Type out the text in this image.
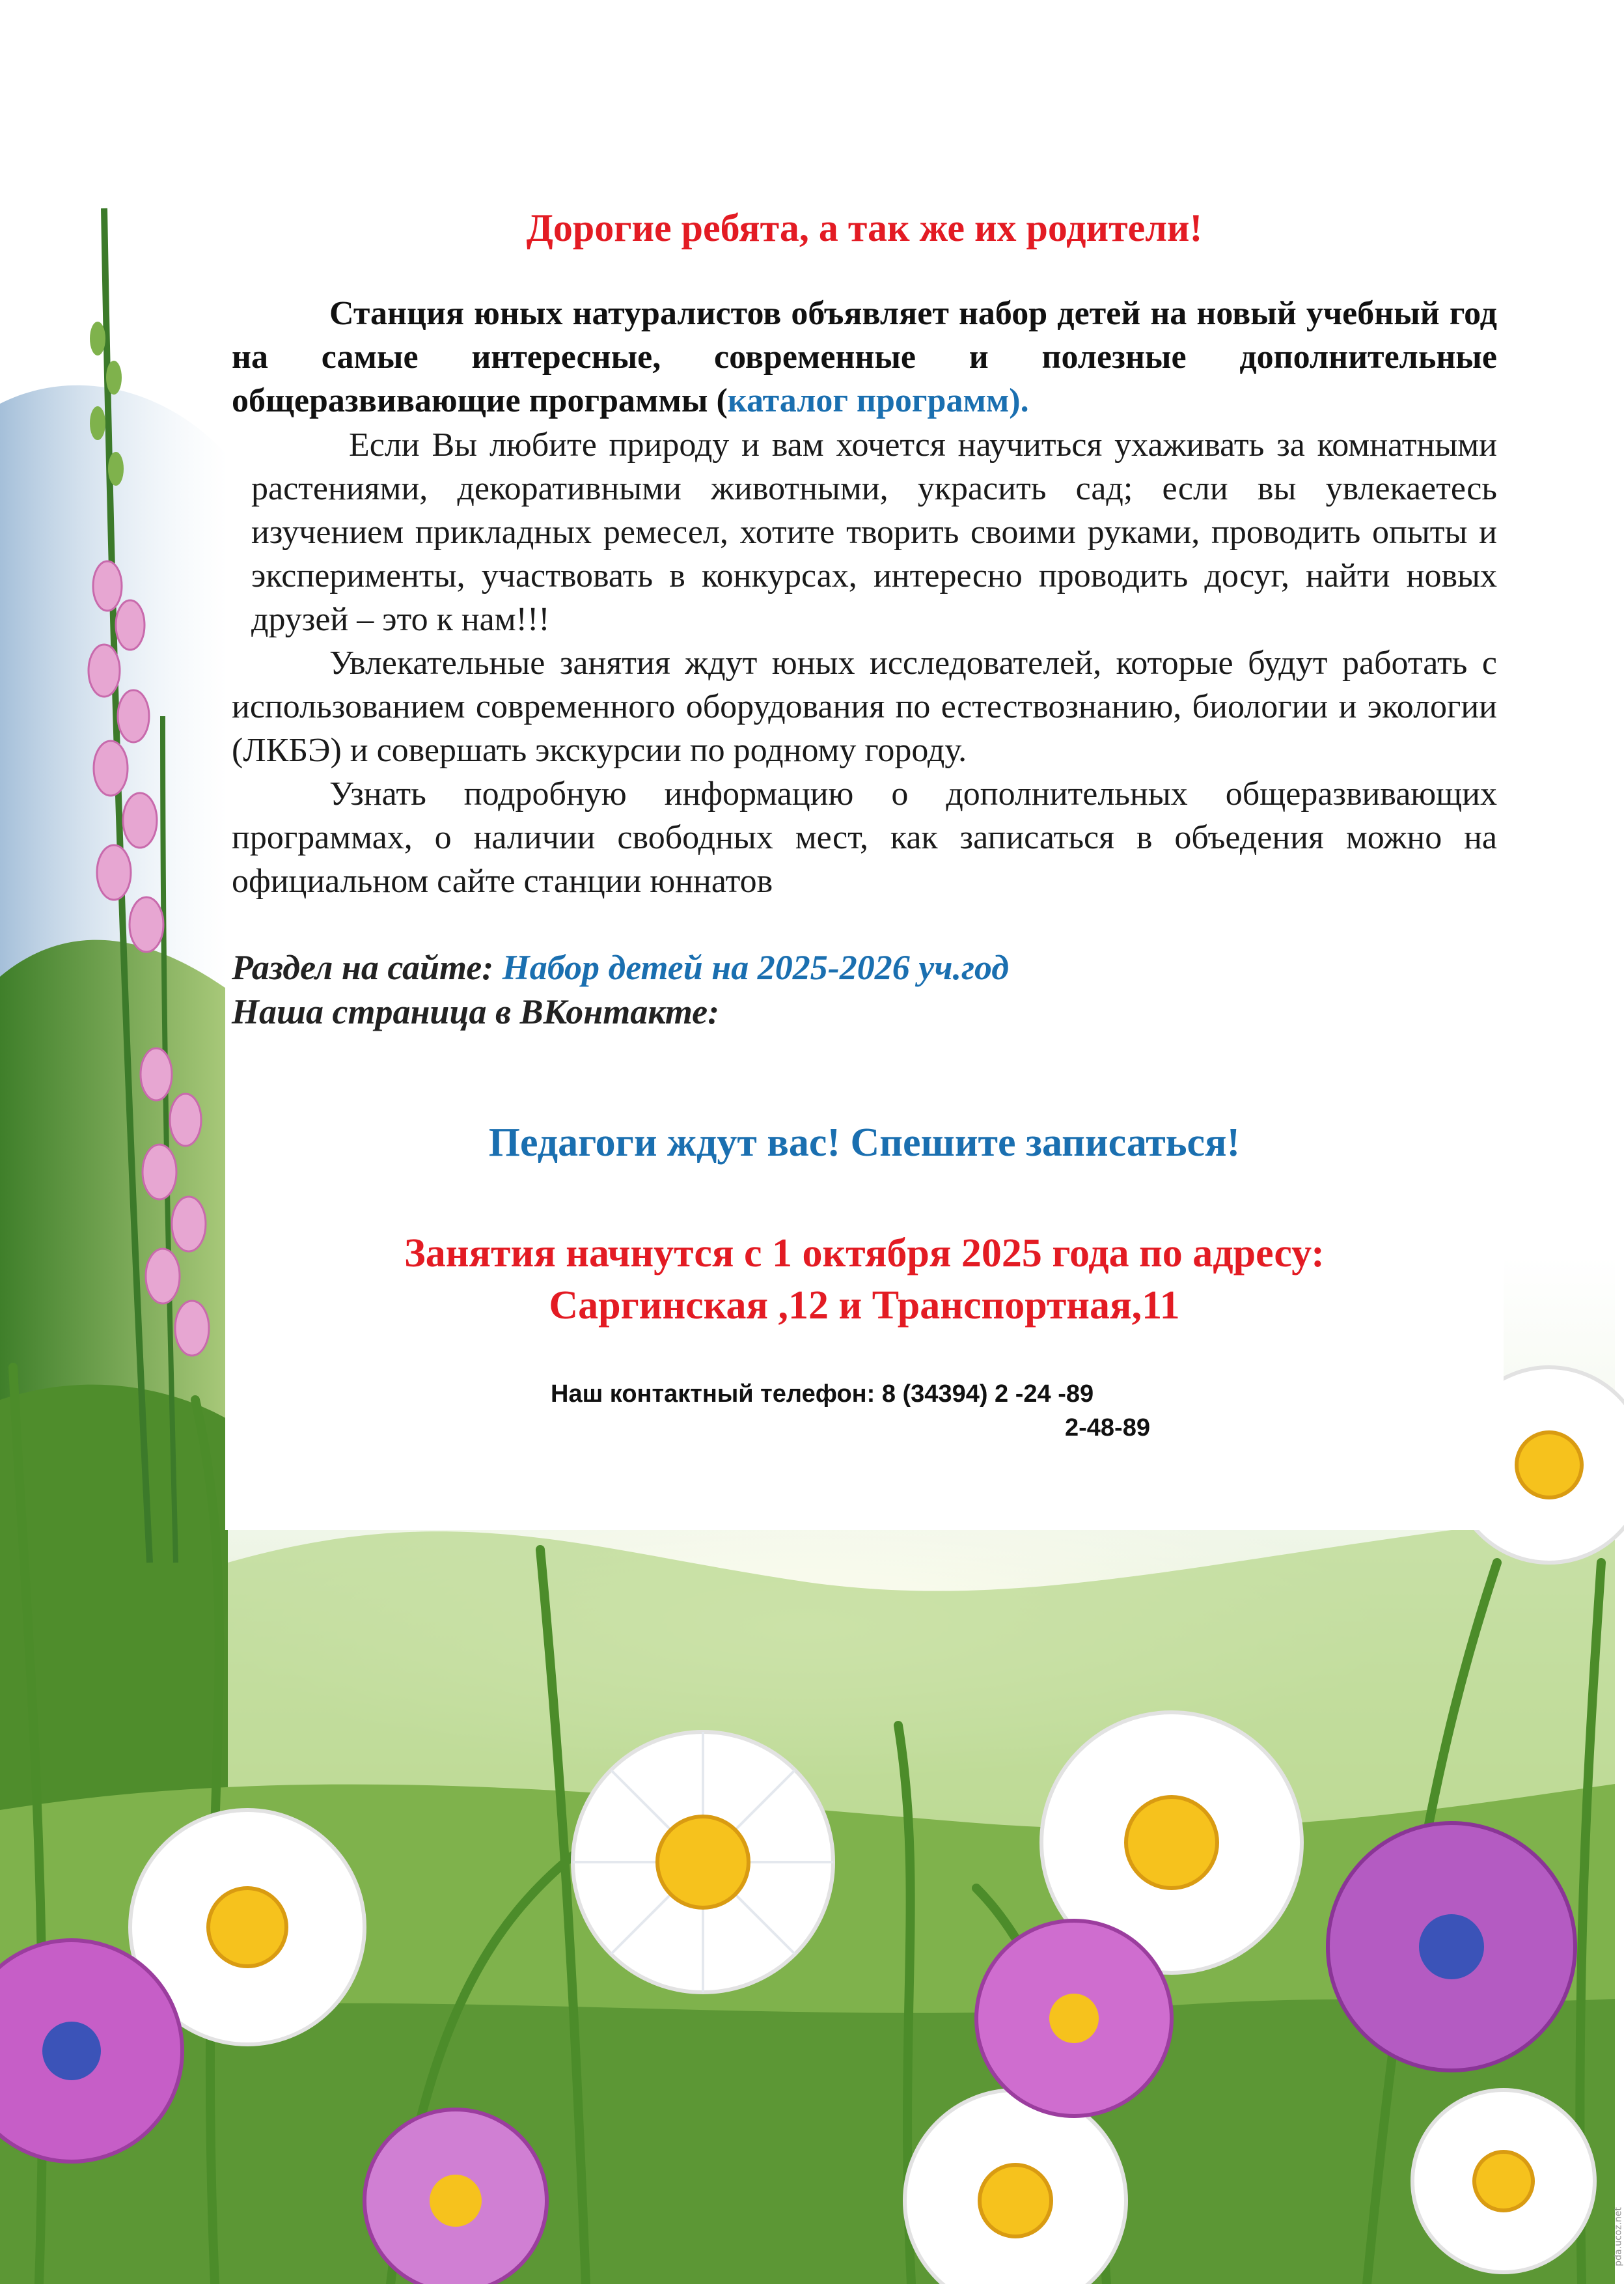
Дорогие ребята, а так же их родители!

Станция юных натуралистов объявляет набор детей на новый учебный год на самые интересные, современные и полезные дополнительные общеразвивающие программы (каталог программ).

Если Вы любите природу и вам хочется научиться ухаживать за комнатными растениями, декоративными животными, украсить сад; если вы увлекаетесь изучением прикладных ремесел, хотите творить своими руками, проводить опыты и эксперименты, участвовать в конкурсах, интересно проводить досуг, найти новых друзей – это к нам!!!

Увлекательные занятия ждут юных исследователей, которые будут работать с использованием современного оборудования по естествознанию, биологии и экологии (ЛКБЭ) и совершать экскурсии по родному городу.

Узнать подробную информацию о дополнительных общеразвивающих программах, о наличии свободных мест, как записаться в объедения можно на официальном сайте станции юннатов

Раздел на сайте: Набор детей на 2025-2026 уч.год
Наша страница в ВКонтакте:
Педагоги ждут вас! Спешите записаться!
Занятия начнутся с 1 октября 2025 года по адресу:
Саргинская ,12 и Транспортная,11
Наш контактный телефон: 8 (34394) 2 -24 -89
2-48-89
pda.ucoz.net
